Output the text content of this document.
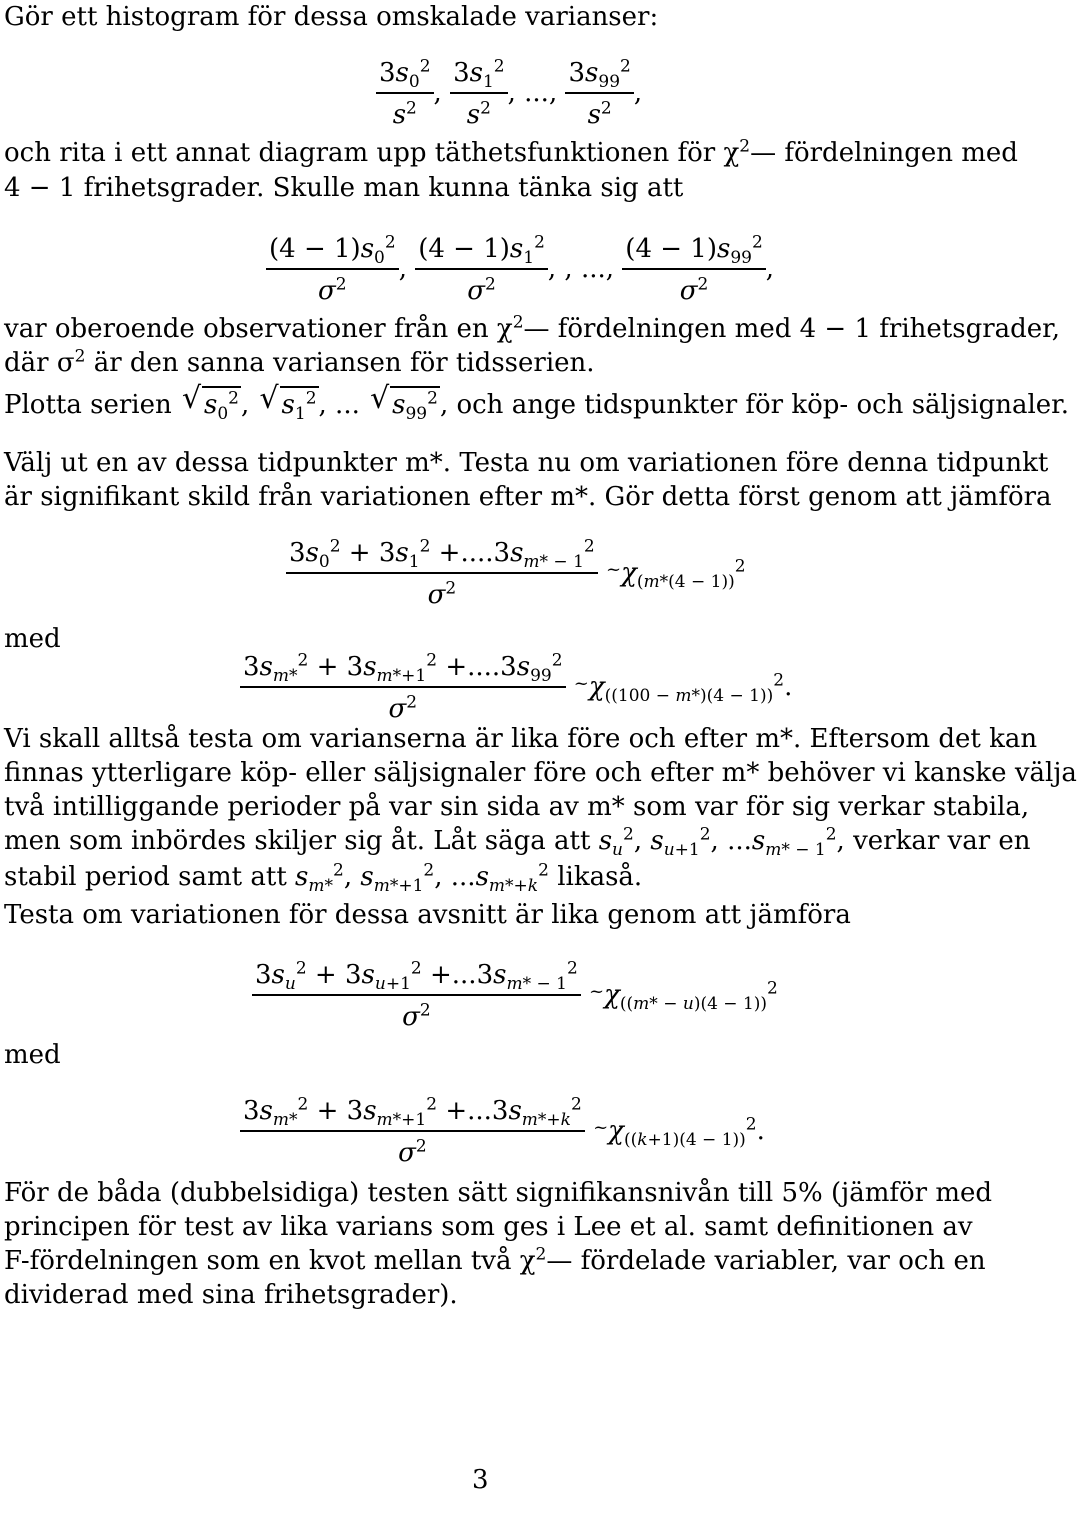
Gör ett histogram för dessa omskalade varianser:
$\frac{3s_0^2}{s^2}$ , $\frac{3s_1^2}{s^2}$ , ..., $\frac{3s_{99}^2}{s^2}$ ,
och rita i ett annat diagram upp täthetsfunktionen för $\chi^2—$ fördelningen med
4 − 1 frihetsgrader. Skulle man kunna tänka sig att
$\frac{(4 - 1)s_0^2}{\sigma^2}$ , $\frac{(4 - 1)s_1^2}{\sigma^2}$ , , ..., $\frac{(4 - 1)s_{99}^2}{\sigma^2}$ ,
var oberoende observationer från en $\chi^2—$ fördelningen med 4 − 1 frihetsgrader,
där $\sigma^2$ är den sanna variansen för tidsserien.
Plotta serien √ $s_0^2$, √ $s_1^2$, ... √ $s_{99}^2$, och ange tidspunkter för köp- och säljsignaler.
Välj ut en av dessa tidpunkter m*. Testa nu om variationen före denna tidpunkt
är signifikant skild från variationen efter m*. Gör detta först genom att jämföra
$\frac{3s_0^2 + 3s_1^2 +....3s_{m* - 1}^2}{\sigma^2} ^\sim\chi_{(m*(4 - 1))}^2$
med
$\frac{3s_{m*}^2 + 3s_{m*+1}^2 +....3s_{99}^2}{\sigma^2} ^\sim\chi_{((100 - m*)(4 - 1))}^2$.
Vi skall alltså testa om varianserna är lika före och efter m*. Eftersom det kan
finnas ytterligare köp- eller säljsignaler före och efter m* behöver vi kanske välja
två intilliggande perioder på var sin sida av m* som var för sig verkar stabila,
men som inbördes skiljer sig åt. Låt säga att $s_u^2$, $s_{u+1}^2$, $...s_{m* - 1}^2$, verkar var en
stabil period samt att $s_{m*}^2$, $s_{m*+1}^2$, $...s_{m*+k}^2$ likaså.
Testa om variationen för dessa avsnitt är lika genom att jämföra
$\frac{3s_u^2 + 3s_{u+1}^2 +...3s_{m* - 1}^2}{\sigma^2} ^\sim\chi_{((m* - u)(4 - 1))}^2$
med
$\frac{3s_{m*}^2 + 3s_{m*+1}^2 +...3s_{m*+k}^2}{\sigma^2} ^\sim\chi_{((k+1)(4 - 1))}^2$.
För de båda (dubbelsidiga) testen sätt signifikansnivån till 5% (jämför med
principen för test av lika varians som ges i Lee et al. samt definitionen av
F-fördelningen som en kvot mellan två $\chi^2—$ fördelade variabler, var och en
dividerad med sina frihetsgrader).
3
